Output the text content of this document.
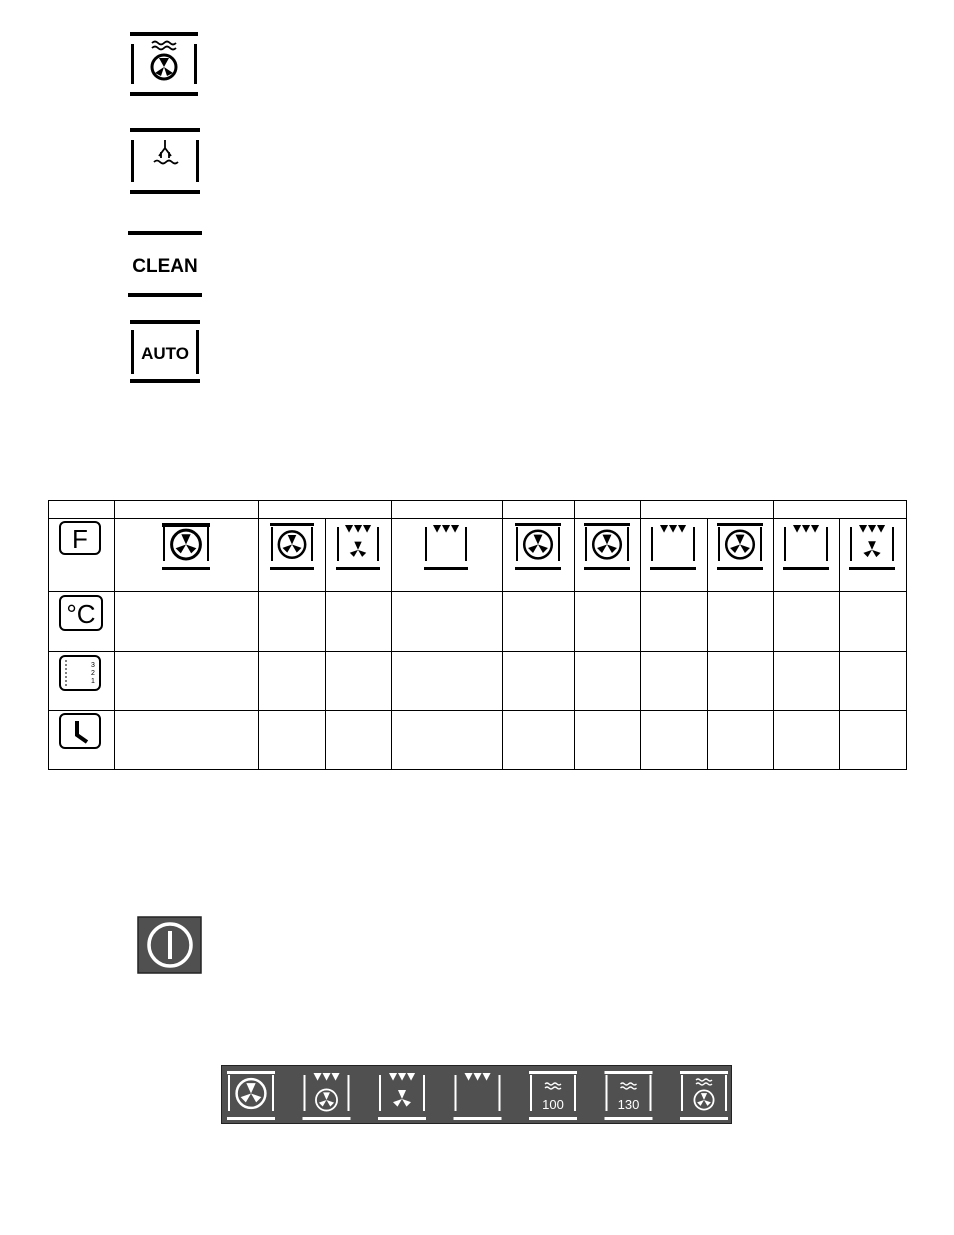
CLEAN
AUTO
F
°C
3
2
1
100	130
